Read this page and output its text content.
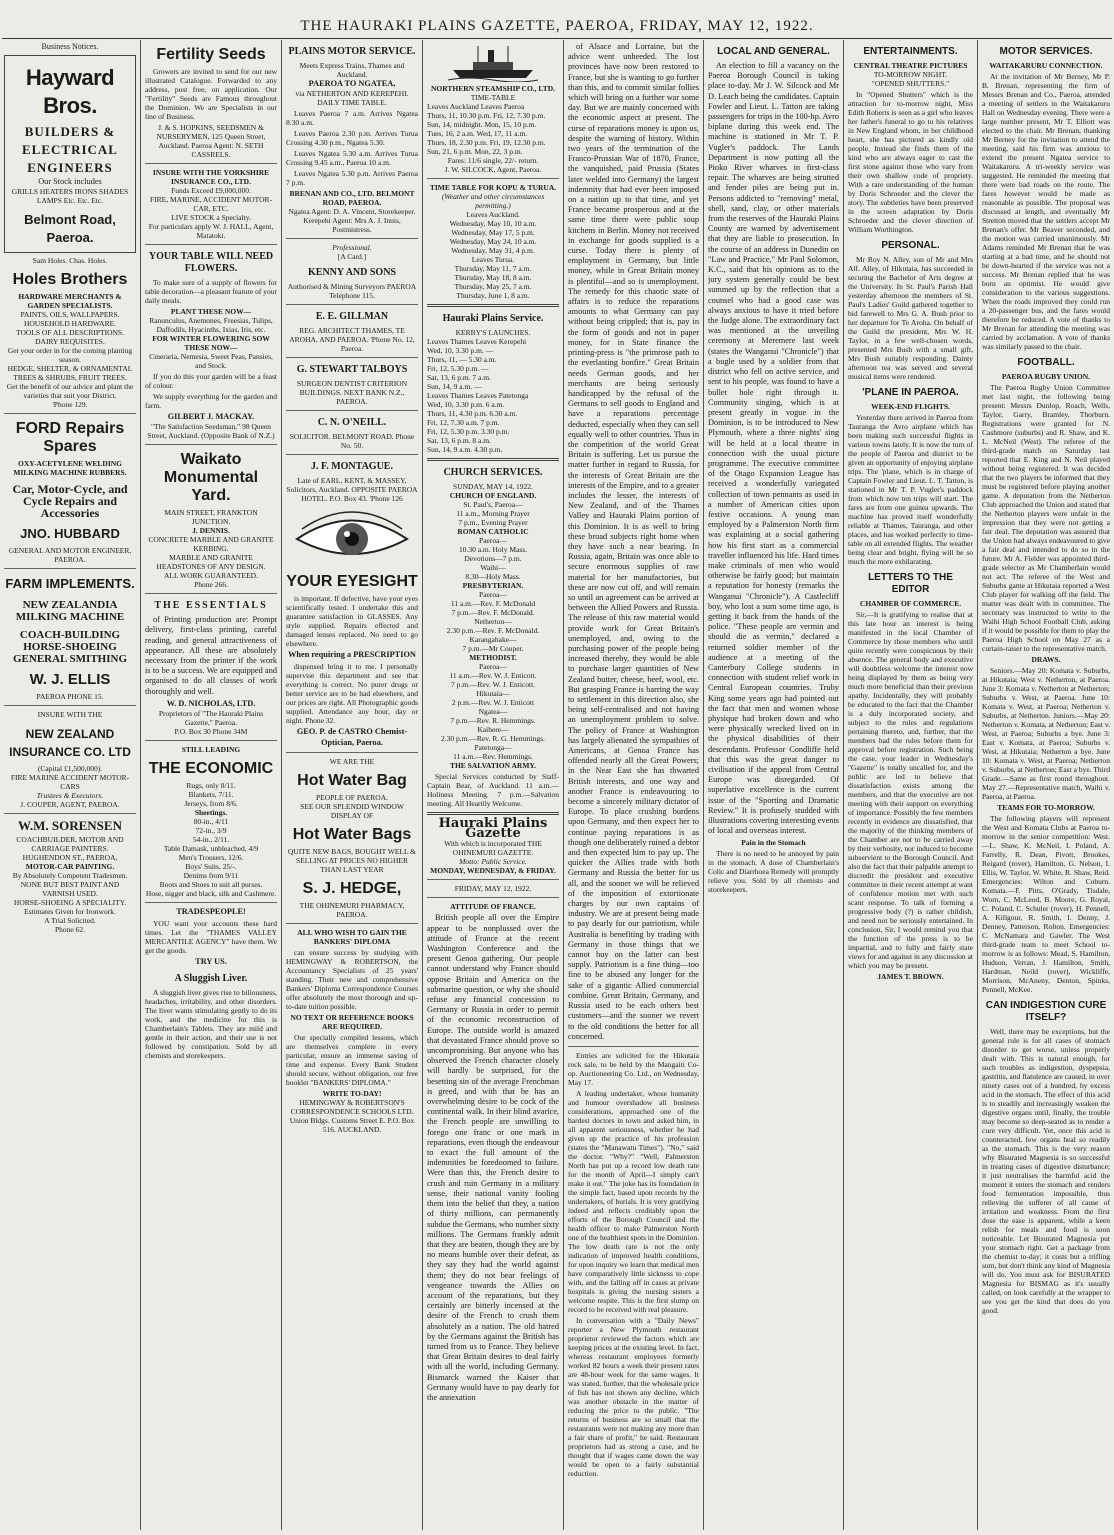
THE HAURAKI PLAINS GAZETTE, PAEROA, FRIDAY, MAY 12, 1922.
Business Notices.
Hayward Bros.
BUILDERS &
ELECTRICAL
ENGINEERS
Our Stock includes
GRILLS HEATERS IRONS SHADES LAMPS Etc. Etc. Etc.
Belmont Road, Paeroa.
Sam Holes. Chas. Holes.
Holes Brothers
HARDWARE MERCHANTS & GARDEN SPECIALISTS.
PAINTS, OILS, WALLPAPERS.
HOUSEHOLD HARDWARE.
TOOLS OF ALL DESCRIPTIONS. DAIRY REQUISITES.
Get your order in for the coming planting season.
HEDGE, SHELTER, & ORNAMENTAL TREES & SHRUBS, FRUIT TREES.
Get the benefit of our advice and plant the varieties that suit your District.
'Phone 129.
FORD Repairs Spares
OXY-ACETYLENE WELDING
MILKING MACHINE RUBBERS.
Car, Motor-Cycle, and Cycle Repairs and Accessories
JNO. HUBBARD
GENERAL AND MOTOR ENGINEER, PAEROA.
FARM IMPLEMENTS.
NEW ZEALANDIA MILKING MACHINE
COACH-BUILDING HORSE-SHOEING GENERAL SMITHING
W. J. ELLIS
PAEROA PHONE 15.
INSURE WITH THE
NEW ZEALAND INSURANCE CO. LTD
(Capital £1,500,000).
FIRE MARINE ACCIDENT MOTOR-CARS
Trustees & Executors.
J. COUPER, AGENT, PAEROA.
W.M. SORENSEN
COACHBUILDER, MOTOR AND CARRIAGE PAINTERS.
HUGHENDON ST., PAEROA,
MOTOR-CAR PAINTING.
By Absolutely Competent Tradesmen.
NONE BUT BEST PAINT AND VARNISH USED.
HORSE-SHOEING A SPECIALITY.
Estimates Given for Ironwork.
A Trial Solicited.
Phone 62.
Fertility Seeds
Growers are invited to send for our new illustrated Catalogue. Forwarded to any address, post free, on application. Our "Fertility" Seeds are Famous throughout the Dominion. We are Specialists in our line of Business.
J. & S. HOPKINS, SEEDSMEN & NURSERYMEN, 125 Queen Street, Auckland. Paeroa Agent: N. SETH CASSRELS.
INSURE WITH THE YORKSHIRE INSURANCE CO., LTD.
Funds Exceed £9,000,000.
FIRE, MARINE, ACCIDENT MOTOR-CAR, ETC.
LIVE STOCK a Specialty.
For particulars apply W. J. HALL, Agent, Matatoki.
YOUR TABLE WILL NEED FLOWERS.
To make sure of a supply of flowers for table decoration—a pleasant feature of your daily meals.
PLANT THESE NOW—
Ranunculus, Anemones, Freesias, Tulips, Daffodils, Hyacinths, Ixias, Iris, etc.
FOR WINTER FLOWERING SOW THESE NOW—
Cineraria, Nemesia, Sweet Peas, Pansies, and Stock.
If you do this your garden will be a feast of colour.
We supply everything for the garden and farm.
GILBERT J. MACKAY.
"The Satisfaction Seedsman," 98 Queen Street, Auckland. (Opposite Bank of N.Z.)
Waikato Monumental Yard.
MAIN STREET, FRANKTON JUNCTION.
J. DENNIS.
CONCRETE MARBLE AND GRANITE KERBING.
MARBLE AND GRANITE HEADSTONES OF ANY DESIGN.
ALL WORK GUARANTEED.
Phone 266.
THE ESSENTIALS
of Printing production are: Prompt delivery, first-class printing, careful reading, and general attractiveness of appearance. All these are absolutely necessary from the printer if the work is to be a success. We are equipped and organised to do all classes of work thoroughly and well.
W. D. NICHOLAS, LTD.
Proprietors of "The Hauraki Plains Gazette," Paeroa.
P.O. Box 30 Phone 34M
STILL LEADING
THE ECONOMIC
Rugs, only 8/11.
Blankets, 7/11.
Jerseys, from 8/6.
Sheetings.
80-in., 4/11
72-in., 3/9
54-in., 2/11.
Table Damask, unbleached, 4/9
Men's Trousers, 12/6.
Boys' Suits, 25/-.
Denims from 9/11
Boots and Shoes to suit all purses.
Hose, nigger and black, silk and Cashmere.
TRADESPEOPLE!
YOU want your accounts these hard times. Let the "THAMES VALLEY MERCANTILE AGENCY" have them. We get the goods.
TRY US.
A Sluggish Liver.
A sluggish liver gives rise to biliousness, headaches, irritability, and other disorders. The liver wants stimulating gently to do its work, and the medicine for this is Chamberlain's Tablets. They are mild and gentle in their action, and their use is not followed by constipation. Sold by all chemists and storekeepers.
PLAINS MOTOR SERVICE.
Meets Express Trains, Thames and Auckland.
PAEROA TO NGATEA,
via NETHERTON AND KEREPEHI.
DAILY TIME TABLE.
Leaves Paeroa 7 a.m. Arrives Ngatea 8.30 a.m.
Leaves Paeroa 2.30 p.m. Arrives Turua Crossing 4.30 p.m., Ngatea 5.30.
Leaves Ngatea 5.30 a.m. Arrives Turua Crossing 9.45 a.m., Paeroa 10 a.m.
Leaves Ngatea 5.30 p.m. Arrives Paeroa 7 p.m.
BRENAN AND CO., LTD. BELMONT ROAD, PAEROA.
Ngatea Agent: D. A. Vincent, Storekeeper. Kerepehi Agent: Mrs A. J. Innis, Postmistress.
Professional.
[A Card.]
KENNY AND SONS
Authorised & Mining Surveyors PAEROA Telephone 115.
E. E. GILLMAN
REG. ARCHITECT THAMES, TE AROHA, AND PAEROA. 'Phone No. 12, Paeroa.
G. STEWART TALBOYS
SURGEON DENTIST CRITERION BUILDINGS. NEXT BANK N.Z., PAEROA.
C. N. O'NEILL.
SOLICITOR. BELMONT ROAD. Phone No. 50.
J. F. MONTAGUE.
Late of EARL, KENT, & MASSEY, Solicitors, Auckland. OPPOSITE PAEROA HOTEL. P.O. Box 43. 'Phone 126
YOUR EYESIGHT
is important. If defective, have your eyes scientifically tested. I undertake this and guarantee satisfaction in GLASSES. Any style supplied. Repairs effected and damaged lenses replaced. No need to go elsewhere.
When requiring a PRESCRIPTION
dispensed bring it to me. I personally supervise this department and see that everything is correct. No purer drugs or better service are to be had elsewhere, and our prices are right. All Photographic goods supplied. Attendance any hour, day or night. Phone 32.
GEO. P. de CASTRO Chemist-Optician, Paeroa.
WE ARE THE
Hot Water Bag
PEOPLE OF PAEROA.
SEE OUR SPLENDID WINDOW DISPLAY OF
Hot Water Bags
QUITE NEW BAGS, BOUGHT WELL & SELLING AT PRICES NO HIGHER THAN LAST YEAR
S. J. HEDGE,
THE OHINEMURI PHARMACY, PAEROA.
ALL WHO WISH TO GAIN THE BANKERS' DIPLOMA
can ensure success by studying with HEMINGWAY & ROBERTSON, the Accountancy Specialists of 25 years' standing. Their new and comprehensive Bankers' Diploma Correspondence Courses offer absolutely the most thorough and up-to-date tuition possible.
NO TEXT OR REFERENCE BOOKS ARE REQUIRED.
Our specially compiled lessons, which are themselves complete in every particular, ensure an immense saving of time and expense. Every Bank Student should secure, without obligation, our free booklet "BANKERS' DIPLOMA."
WRITE TO-DAY!
HEMINGWAY & ROBERTSON'S CORRESPONDENCE SCHOOLS LTD. Union Bldgs. Customs Street E. P.O. Box 516. AUCKLAND.
NORTHERN STEAMSHIP CO., LTD.
TIME-TABLE
Leaves Auckland Leaves Paeroa
Thurs, 11, 10.30 p.m. Fri, 12, 7.30 p.m.
Sun, 14, midnight. Mon, 15, 10 p.m.
Tues, 16, 2 a.m. Wed, 17, 11 a.m.
Thurs, 18, 2.30 p.m. Fri, 19, 12.30 p.m.
Sun, 21, 6 p.m. Mon, 22, 3 p.m.
Fares: 11/6 single, 22/- return.
J. W. SILCOCK, Agent, Paeroa.
TIME TABLE FOR KOPU & TURUA.
(Weather and other circumstances permitting.)
Leaves Auckland.
Wednesday, May 10, 10 a.m.
Wednesday, May 17, 5 p.m.
Wednesday, May 24, 10 a.m.
Wednesday, May 31, 4 p.m.
Leaves Turua.
Thursday, May 11, 7 a.m.
Thursday, May 18, 8 a.m.
Thursday, May 25, 7 a.m.
Thursday, June 1, 8 a.m.
Hauraki Plains Service.
KERBY'S LAUNCHES.
Leaves Thames Leaves Kerepehi
Wed, 10, 3.30 p.m. —
Thurs, 11, — 5.30 a.m.
Fri, 12, 5.30 p.m. —
Sat, 13, 6 p.m. 7 a.m.
Sun, 14, 9 a.m. —
Leaves Thames Leaves Patetonga
Wed, 10, 3.30 p.m. 6 a.m.
Thurs, 11, 4.30 p.m. 6.30 a.m.
Fri, 12, 7.30 a.m. 7 p.m.
Fri, 12, 5.30 p.m. 3.30 p.m.
Sat, 13, 6 p.m. 8 a.m.
Sun, 14, 9 a.m. 4.30 p.m.
CHURCH SERVICES.
SUNDAY, MAY 14, 1922.
CHURCH OF ENGLAND.
St. Paul's, Paeroa—
11 a.m., Morning Prayer
7 p.m., Evening Prayer
ROMAN CATHOLIC
Paeroa—
10.30 a.m. Holy Mass.
Devotions—7 p.m.
Waihi—
8.30—Holy Mass.
PRESBYTERIAN.
Paeroa—
11 a.m.—Rev. F. McDonald
7 p.m.—Rev. F. McDonald.
Netherton—
2.30 p.m.—Rev. F. McDonald.
Karangahake—
7 p.m.—Mr Couper.
METHODIST.
Paeroa—
11 a.m.—Rev. W. J. Enticott.
7 p.m.—Rev. W. J. Enticott.
Hikutaia—
2 p.m.—Rev. W. J. Enticott
Ngatea—
7 p.m.—Rev. R. Hemmings.
Kaihere—
2.30 p.m.—Rev. R. G. Hemmings.
Patetonga—
11 a.m.—Rev. Hemmings.
THE SALVATION ARMY.
Special Services conducted by Staff-Captain Bear, of Auckland. 11 a.m.—Holiness Meeting. 7 p.m.—Salvation meeting. All Heartily Welcome.
Hauraki Plains Gazette
With which is incorporated THE OHINEMURI GAZETTE.
Motto: Public Service.
MONDAY, WEDNESDAY, & FRIDAY.
FRIDAY, MAY 12, 1922.
ATTITUDE OF FRANCE.
British people all over the Empire appear to be nonplussed over the attitude of France at the recent Washington Conference and the present Genoa gathering. Our people cannot understand why France should oppose Britain and America on the submarine question, or why she should refuse any financial concession to Germany or Russia in order to permit of the economic reconstruction of Europe. The outside world is amazed that devastated France should prove so uncompromising. But anyone who has observed the French character closely will hardly be surprised, for the besetting sin of the average Frenchman is greed, and with that he has an overwhelming desire to be cock of the continental walk. In their blind avarice, the French people are unwilling to forego one franc or one mark in reparations, even though the endeavour to exact the full amount of the indemnities be foredoomed to failure. Were than this, the French desire to crush and ruin Germany in a military sense, their national vanity fooling them into the belief that they, a nation of thirty millions, can permanently subdue the Germans, who number sixty millions. The Germans frankly admit that they are beaten, though they are by no means humble over their defeat, as they say they had the world against them; they do not bear feelings of vengeance towards the Allies on account of the reparations, but they certainly are bitterly incensed at the desire of the French to crush them absolutely as a nation. The old hatred by the Germans against the British has turned from us to France. They believe that Great Britain desires to deal fairly with all the world, including Germany. Bismarck warned the Kaiser that Germany would have to pay dearly for the annexation
of Alsace and Lorraine, but the advice went unheeded. The lost provinces have now been restored to France, but she is wanting to go further than this, and to commit similar follies which will bring on a further war some day. But we are mainly concerned with the economic aspect at present. The curse of reparations money is upon us, despite the warning of history. Within two years of the termination of the Franco-Prussian War of 1870, France, the vanquished, paid Prussia (States later welded into Germany) the largest indemnity that had ever been imposed on a nation up to that time, and yet France became prosperous and at the same time there were public soup kitchens in Berlin. Money not received in exchange for goods supplied is a curse. Today there is plenty of employment in Germany, but little money, while in Great Britain money is plentiful—and so is unemployment. The remedy for this chaotic state of affairs is to reduce the reparations amounts to what Germany can pay without being crippled; that is, pay in the form of goods and not in paper money, for in State finance the printing-press is "the primrose path to the everlasting bonfire." Great Britain needs German goods, and her merchants are being seriously handicapped by the refusal of the Germans to sell goods to England and have a reparations percentage deducted, especially when they can sell equally well to other countries. Thus in the competition of the world Great Britain is suffering. Let us pursue the matter further in regard to Russia, for the interests of Great Britain are the interests of the Empire, and to a greater includes the lesser, the interests of New Zealand, and of the Thames Valley and Hauraki Plains portion of this Dominion. It is as well to bring these broad subjects right home when they have such a near bearing. In Russia, again, Britain was once able to secure enormous supplies of raw material for her manufactories, but these are now cut off, and will remain so until an agreement can be arrived at between the Allied Powers and Russia. The release of this raw material would provide work for Great Britain's unemployed, and, owing to the purchasing power of the people being increased thereby, they would be able to purchase larger quantities of New Zealand butter, cheese, beef, wool, etc. But grasping France is barring the way to settlement in this direction also, she being self-centralised and not having an unemployment problem to solve. The policy of France at Washington has largely alienated the sympathies of Americans, at Genoa France has offended nearly all the Great Powers; in the Near East she has thwarted British interests, and one way and another France is endeavouring to become a sincerely military dictator of Europe. To place crushing burdens upon Germany, and then expect her to continue paying reparations is as though one deliberately ruined a debtor and then expected him to pay up. The quicker the Allies trade with both Germany and Russia the better for us all, and the sooner we will be relieved of the imposition of extortionate charges by our own captains of industry. We are at present being made to pay dearly for our patriotism, while Australia is benefiting by trading with Germany in those things that we cannot buy on the latter can best supply. Patriotism is a fine thing—too fine to be abused any longer for the sake of a gigantic Allied commercial combine. Great Britain, Germany, and Russia used to be each others best customers—and the sooner we revert to the old conditions the better for all concerned.
Entries are solicited for the Hikutaia rock sale, to be held by the Mangaiti Co-op. Auctioneering Co. Ltd., on Wednesday, May 17.
A leading undertaker, whose humanity and humour overshadow all business considerations, approached one of the hardest doctors in town and asked him, in all apparent seriousness, whether he had given up the practice of his profession (states the "Manawatu Times"). "No," said the doctor. "Why?" "Well, Palmerston North has put up a record low death rate for the month of April—I simply can't make it out." The joke has its foundation in the simple fact, based upon records by the undertakers, of burials. It is very gratifying indeed and reflects creditably upon the efforts of the Borough Council and the health officer to make Palmerston North one of the healthiest spots in the Dominion. The low death rate is not the only indication of improved health conditions, for upon inquiry we learn that medical men have comparatively little sickness to cope with, and the falling off in cases at private hospitals is giving the nursing sisters a welcome respite. This is the first slump on record to be received with real pleasure.
In conversation with a "Daily News" reporter a New Plymouth restaurant proprietor reviewed the factors which are keeping prices at the existing level. In fact, whereas restaurant employees formerly worked 82 hours a week their present rates are 48-hour week for the same wages. It was stated, further, that the wholesale price of fish has not shown any decline, which was another obstacle in the matter of reducing the price to the public. "The returns of business are so small that the restaurants were not making any more than a fair share of profit," he said. Restaurant proprietors had as strong a case, and he thought that if wages came down the way would be open to a fairly substantial reduction.
LOCAL AND GENERAL.
An election to fill a vacancy on the Paeroa Borough Council is taking place to-day. Mr J. W. Silcock and Mr D. Leach being the candidates. Captain Fowler and Lieut. L. Tatton are taking passengers for trips in the 100-hp. Avro biplane during this week end. The machine is stationed in Mr T. P. Vugler's paddock. The Lands Department is now putting all the Pioko River wharves in first-class repair. The wharves are being strutted and fender piles are being put in. Persons addicted to "removing" metal, shell, sand, clay, or other materials from the reserves of the Hauraki Plains County are warned by advertisement that they are liable to prosecution. In the course of an address in Dunedin on "Law and Practice," Mr Paul Solomon, K.C., said that his opinions as to the jury system generally could be best summed up by the reflection that a counsel who had a good case was always anxious to have it tried before the Judge alone. The extraordinary fact was mentioned at the unveiling ceremony at Meremere last week (states the Wanganui "Chronicle") that a bugle used by a soldier from that district who fell on active service, and sent to his people, was found to have a bullet hole right through it. Community singing, which is at present greatly in vogue in the Dominion, is to be introduced to New Plymouth, where a three nights' sing will be held at a local theatre in connection with the usual picture programme. The executive committee of the Otago Expansion League has received a wonderfully variegated collection of town pennants as used in a number of American cities upon festive occasions. A young man employed by a Palmerston North firm was explaining at a social gathering how his first start as a commercial traveller influenced his life. Hard times make criminals of men who would otherwise be fairly good; but maintain a reputation for honesty (remarks the Wanganui "Chronicle"). A Castlecliff boy, who lost a sum some time ago, is getting it back from the hands of the police. "These people are vermin and should die as vermin," declared a returned soldier member of the audience at a meeting of the Canterbury College students in connection with student relief work in Central European countries. Truby King some years ago had pointed out the fact that men and women whose physique had broken down and who were physically wrecked lived on in the physical disabilities of their descendants. Professor Condliffe held that this was the great danger to civilisation if the appeal from Central Europe was disregarded. Of superlative excellence is the current issue of the "Sporting and Dramatic Review." It is profusely studded with illustrations covering interesting events of local and overseas interest.
Pain in the Stomach
There is no need to be annoyed by pain in the stomach. A dose of Chamberlain's Colic and Diarrhoea Remedy will promptly relieve you. Sold by all chemists and storekeepers.
ENTERTAINMENTS.
CENTRAL THEATRE PICTURES
TO-MORROW NIGHT.
"OPENED SHUTTERS."
In "Opened Shutters" which is the attraction for to-morrow night, Miss Edith Roberts is seen as a girl who leaves her father's funeral to go to his relatives in New England whom, in her childhood heart, she has pictured as kindly old people. Instead she finds them of the kind who are always eager to cast the first stone against those who vary from their own shallow code of propriety. With a rare understanding of the human by Doris Schroeder and the clever the story. The subtleties have been preserved in the screen adaptation by Doris Schroeder and the clever direction of William Worthington.
PERSONAL.
Mr Roy N. Alley, son of Mr and Mrs Alf. Alley, of Hikutaia, has succeeded in securing the Bachelor of Arts degree at the University. In St. Paul's Parish Hall yesterday afternoon the members of St. Paul's Ladies' Guild gathered together to bid farewell to Mrs G. A. Bush prior to her departure for Te Aroha. On behalf of the Guild the president, Mrs W. H. Taylor, in a few well-chosen words, presented Mrs Bush with a small gift, Mrs Bush suitably responding. Dainty afternoon tea was served and several musical items were rendered.
'PLANE IN PAEROA.
WEEK-END FLIGHTS.
Yesterday there arrived in Paeroa from Tauranga the Avro airplane which has been making such successful flights in various towns lately. It is now the turn of the people of Paeroa and district to be given an opportunity of enjoying airplane trips. The 'plane, which is in charge of Captain Fowler and Lieut. L. T. Tatton, is stationed in Mr T. P. Vugler's paddock from which now ten trips will start. The fares are from one guinea upwards. The machine has proved itself wonderfully reliable at Thames, Tauranga, and other places, and has worked perfectly to time-table on all extended flights. The weather being clear and bright, flying will be so much the more exhilarating.
LETTERS TO THE EDITOR
CHAMBER OF COMMERCE.
Sir,—It is gratifying to realise that at this late hour an interest is being manifested in the local Chamber of Commerce by those members who until quite recently were conspicuous by their absence. The general body and executive will doubtless welcome the interest now being displayed by them as being very much more beneficial than their previous apathy. Incidentally, they will probably be educated to the fact that the Chamber is a duly incorporated society, and subject to the rules and regulations pertaining thereto, and, further, that the members had the rules before them for approval before registration. Such being the case, your leader in Wednesday's "Gazette" is totally uncalled for, and the public are led to believe that dissatisfaction exists among the members, and that the executive are not meeting with their support on everything of importance. Possibly the few members recently in evidence are dissatisfied, that the majority of the thinking members of the Chamber are not to be carried away by their verbosity, nor induced to become subservient to the Borough Council. And also the fact that their palpable attempt to discredit the president and executive committee in their recent attempt at want of confidence motion met with such scant response. To talk of forming a progressive body (?) is rather childish, and need not be seriously entertained. In conclusion, Sir, I would remind you that the function of the press is to be impartial, and to fully and fairly state views for and against in any discussion at which you may be present.
JAMES T. BROWN.
MOTOR SERVICES.
WAITAKARURU CONNECTION.
At the invitation of Mr Berney, Mr P. B. Brenan, representing the firm of Messrs Brenan and Co., Paeroa, attended a meeting of settlers in the Waitakaruru Hall on Wednesday evening. There were a large number present, Mr T. Elliott was elected to the chair. Mr Brenan, thanking Mr Berney for the invitation to attend the meeting, said his firm was anxious to extend the present Ngatea service to Waitakaruru. A tri-weekly service was suggested. He reminded the meeting that there were bad roads on the route. The fares however would be made as reasonable as possible. The proposal was discussed at length, and eventually Mr Stretton moved that the settlers accept Mr Brenan's offer. Mr Beaver seconded, and the motion was carried unanimously. Mr Adams reminded Mr Brenan that he was starting at a bad time, and he should not be down-hearted if the service was not a success. Mr Brenan replied that he was born an optimist. He would give consideration to the various suggestions. When the roads improved they could run a 20-passenger bus, and the fares would therefore be reduced. A vote of thanks to Mr Brenan for attending the meeting was carried by acclamation. A vote of thanks was similarly passed to the chair.
FOOTBALL.
PAEROA RUGBY UNION.
The Paeroa Rugby Union Committee met last night, the following being present: Messrs Dunlop, Roach, Wells, Taylor, Garry, Bramley, Thorburn. Registrations were granted for N. Cashmore (suburbs) and R. Shaw, and K. L. McNeil (West). The referee of the third-grade match on Saturday last reported that E. King and N. Neil played without being registered. It was decided that the two players be informed that they must be registered before playing another game. A deputation from the Netherton Club approached the Union and stated that the Netherton players were unfair in the impression that they were not getting a fair deal. The deputation was assured that the Union had always endeavoured to give a fair deal and intended to do so in the future. Mr A. Fielder was appointed third-grade selector as Mr Chamberlain would not act. The referee of the West and Suburbs game at Hikutaia reported a West Club player for walking off the field. The matter was dealt with in committee. The secretary was instructed to write to the Waihi High School Football Club, asking if it would be possible for them to play the Paeroa High School on May 27 as a curtain-raiser to the representative match.
DRAWS.
Seniors.—May 20: Komata v. Suburbs, at Hikutaia; West v. Netherton, at Paeroa. June 3: Komata v. Netherton at Netherton; Suburbs v. West, at Paeroa. June 10: Komata v. West, at Paeroa; Netherton v. Suburbs, at Netherton. Juniors.—May 20: Netherton v. Komata, at Netherton; East v. West, at Paeroa; Suburbs a bye. June 3: East v. Komata, at Paeroa; Suburbs v. West, at Hikutaia; Netherton a bye. June 10: Komata v. West, at Paeroa; Netherton v. Suburbs, at Netherton; East a bye. Third Grade.—Same as first round throughout. May 27.—Representative match, Waihi v. Paeroa, at Paeroa.
TEAMS FOR TO-MORROW.
The following players will represent the West and Komata Clubs at Paeroa to-morrow in the senior competition: West.—L. Shaw, K. McNeil, I. Poland, A. Farrelly, R. Dean, Pivott, Brookes, Reigard (rover), Hamilton, G. Nelson, I. Ellis, W. Taylor, W. White, R. Shaw, Reid. Emergencies: Wilton and Coburn. Komata.—F. Pitts, O'Grady, Tisdale, Worn, C. McLeod, B. Moore, G. Royal, C. Poland, C. Schuler (rover), H. Pennell, A. Killgour, R. Smith, I. Denny, J. Denney, Patterson, Rolton. Emergencies: C. McNamara and Gawler. The West third-grade team to meet School to-morrow is as follows: Mead, S. Hamilton, Hudson, Verran, J. Hamilton, Smith, Hardman, Neild (rover), Wickliffe, Morrison, McAneny, Denton, Spinks, Pennell, McKee.
CAN INDIGESTION CURE ITSELF?
Well, there may be exceptions, but the general rule is for all cases of stomach disorder to get worse, unless properly dealt with. This is natural enough, for such troubles as indigestion, dyspepsia, gastritis, and flatulence are caused, in over ninety cases out of a hundred, by excess acid in the stomach. The effect of this acid is to steadily and increasingly weaken the digestive organs until, finally, the trouble may become so deep-seated as to render a cure very difficult. Yet, once this acid is counteracted, few organs heal so readily as the stomach. This is the very reason why Bisurated Magnesia is so successful in treating cases of digestive disturbance; it just neutralises the harmful acid the moment it enters the stomach and renders food fermentation impossible, thus relieving the sufferer of all cause of irritation and weakness. From the first dose the ease is apparent, while a keen relish for meals and food is soon noticeable. Let Bisurated Magnesia put your stomach right. Get a package from the chemist to-day; it costs but a trifling sum, but don't think any kind of Magnesia will do. You must ask for BISURATED Magnesia for BISMAG as it's usually called, on look carefully at the wrapper to see you get the kind that does do you good.
